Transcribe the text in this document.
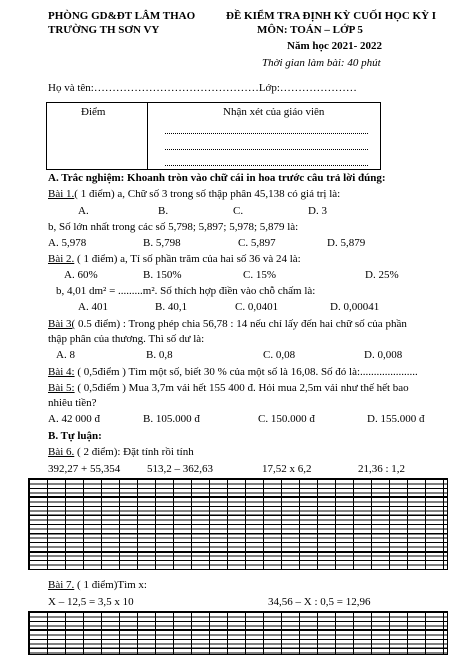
PHÒNG GD&ĐT LÂM THAO
TRƯỜNG TH SƠN VY
ĐỀ KIỂM TRA ĐỊNH KỲ CUỐI HỌC KỲ I
MÔN: TOÁN – LỚP 5
Năm học 2021- 2022
Thời gian làm bài: 40 phút
Họ và tên:………………………………………Lớp:…………………
Điểm	Nhận xét của giáo viên
A. Trắc nghiệm: Khoanh tròn vào chữ cái in hoa trước câu trả lời đúng:
Bài 1.( 1 điểm) a, Chữ số 3 trong số thập phân 45,138 có giá trị là:
A.	B.	C.	D. 3
b, Số lớn nhất trong các số 5,798; 5,897; 5,978; 5,879 là:
A. 5,978	B. 5,798	C. 5,897	D. 5,879
Bài 2. ( 1 điểm) a, Tỉ số phần trăm của hai số 36 và 24 là:
A. 60%	B. 150%	C. 15%	D. 25%
b, 4,01 dm² = .........m². Số thích hợp điền vào chỗ chấm là:
A. 401	B. 40,1	C. 0,0401	D. 0,00041
Bài 3( 0.5 điểm) : Trong phép chia 56,78 : 14 nếu chỉ lấy đến hai chữ số của phần
thập phân của thương. Thì số dư là:
A. 8	B. 0,8	C. 0,08	D. 0,008
Bài 4: ( 0,5điểm ) Tìm một số, biết 30 % của một số là 16,08. Số đó là:.....................
Bài 5: ( 0,5điểm ) Mua 3,7m vải hết 155 400 đ. Hỏi mua 2,5m vải như thế hết bao
nhiêu tiền?
A. 42 000 đ	B. 105.000 đ	C. 150.000 đ	D. 155.000 đ
B. Tự luận:
Bài 6. ( 2 điểm): Đặt tính rồi tính
392,27 + 55,354 513,2 – 362,63	17,52 x 6,2	21,36 : 1,2
Bài 7. ( 1 điểm)Tìm x:
X – 12,5 = 3,5 x 10	34,56 – X : 0,5 = 12,96
